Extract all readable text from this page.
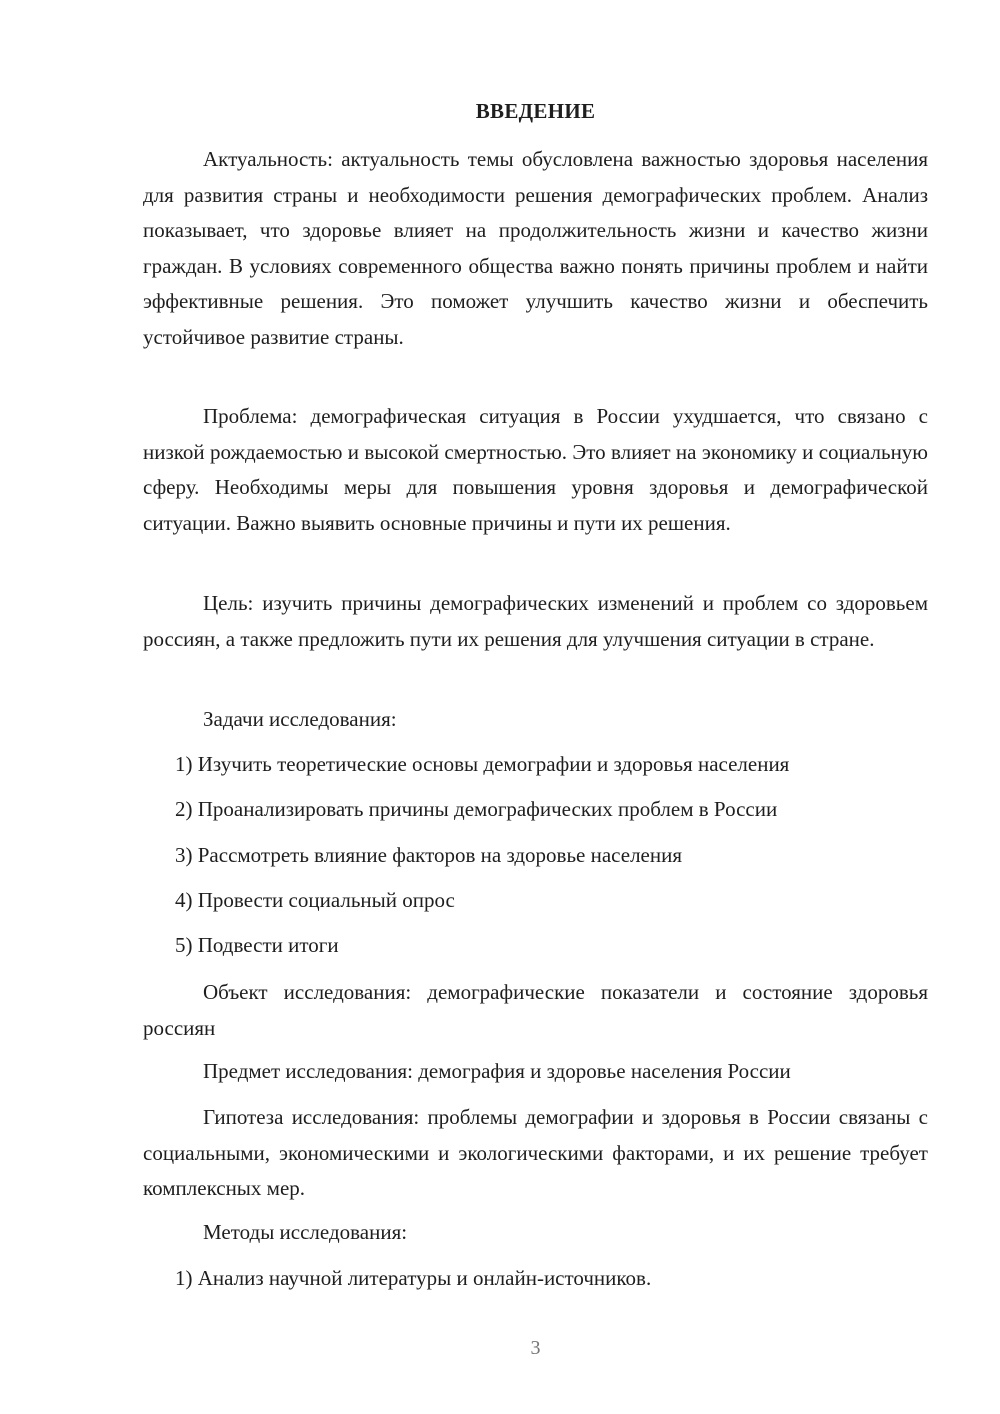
ВВЕДЕНИЕ

Актуальность: актуальность темы обусловлена важностью здоровья населения для развития страны и необходимости решения демографических проблем. Анализ показывает, что здоровье влияет на продолжительность жизни и качество жизни граждан. В условиях современного общества важно понять причины проблем и найти эффективные решения. Это поможет улучшить качество жизни и обеспечить устойчивое развитие страны.

Проблема: демографическая ситуация в России ухудшается, что связано с низкой рождаемостью и высокой смертностью. Это влияет на экономику и социальную сферу. Необходимы меры для повышения уровня здоровья и демографической ситуации. Важно выявить основные причины и пути их решения.

Цель: изучить причины демографических изменений и проблем со здоровьем россиян, а также предложить пути их решения для улучшения ситуации в стране.

Задачи исследования:

1) Изучить теоретические основы демографии и здоровья населения

2) Проанализировать причины демографических проблем в России

3) Рассмотреть влияние факторов на здоровье населения

4) Провести социальный опрос

5) Подвести итоги

Объект исследования: демографические показатели и состояние здоровья россиян

Предмет исследования: демография и здоровье населения России

Гипотеза исследования: проблемы демографии и здоровья в России связаны с социальными, экономическими и экологическими факторами, и их решение требует комплексных мер.

Методы исследования:

1) Анализ научной литературы и онлайн-источников.

3
